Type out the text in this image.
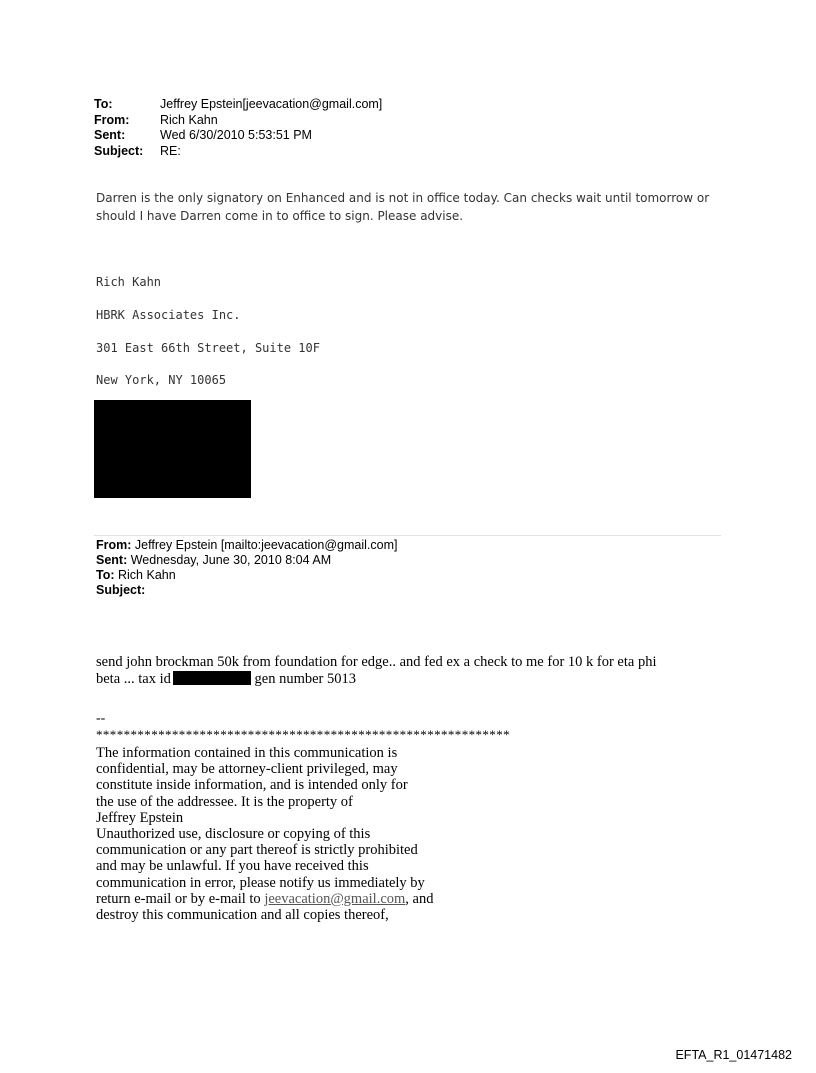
To:	Jeffrey Epstein[jeevacation@gmail.com]
From:	Rich Kahn
Sent:	Wed 6/30/2010 5:53:51 PM
Subject:	RE:
Darren is the only signatory on Enhanced and is not in office today. Can checks wait until tomorrow or should I have Darren come in to office to sign. Please advise.
Rich Kahn
HBRK Associates Inc.
301 East 66th Street, Suite 10F
New York, NY 10065
From: Jeffrey Epstein [mailto:jeevacation@gmail.com]
Sent: Wednesday, June 30, 2010 8:04 AM
To: Rich Kahn
Subject:
send john brockman 50k from foundation for edge.. and fed ex a check to me for 10 k for eta phi
beta ... tax id	gen number 5013
--
************************************************************
The information contained in this communication is
confidential, may be attorney-client privileged, may
constitute inside information, and is intended only for
the use of the addressee. It is the property of
Jeffrey Epstein
Unauthorized use, disclosure or copying of this
communication or any part thereof is strictly prohibited
and may be unlawful. If you have received this
communication in error, please notify us immediately by
return e-mail or by e-mail to jeevacation@gmail.com, and
destroy this communication and all copies thereof,
EFTA_R1_01471482
